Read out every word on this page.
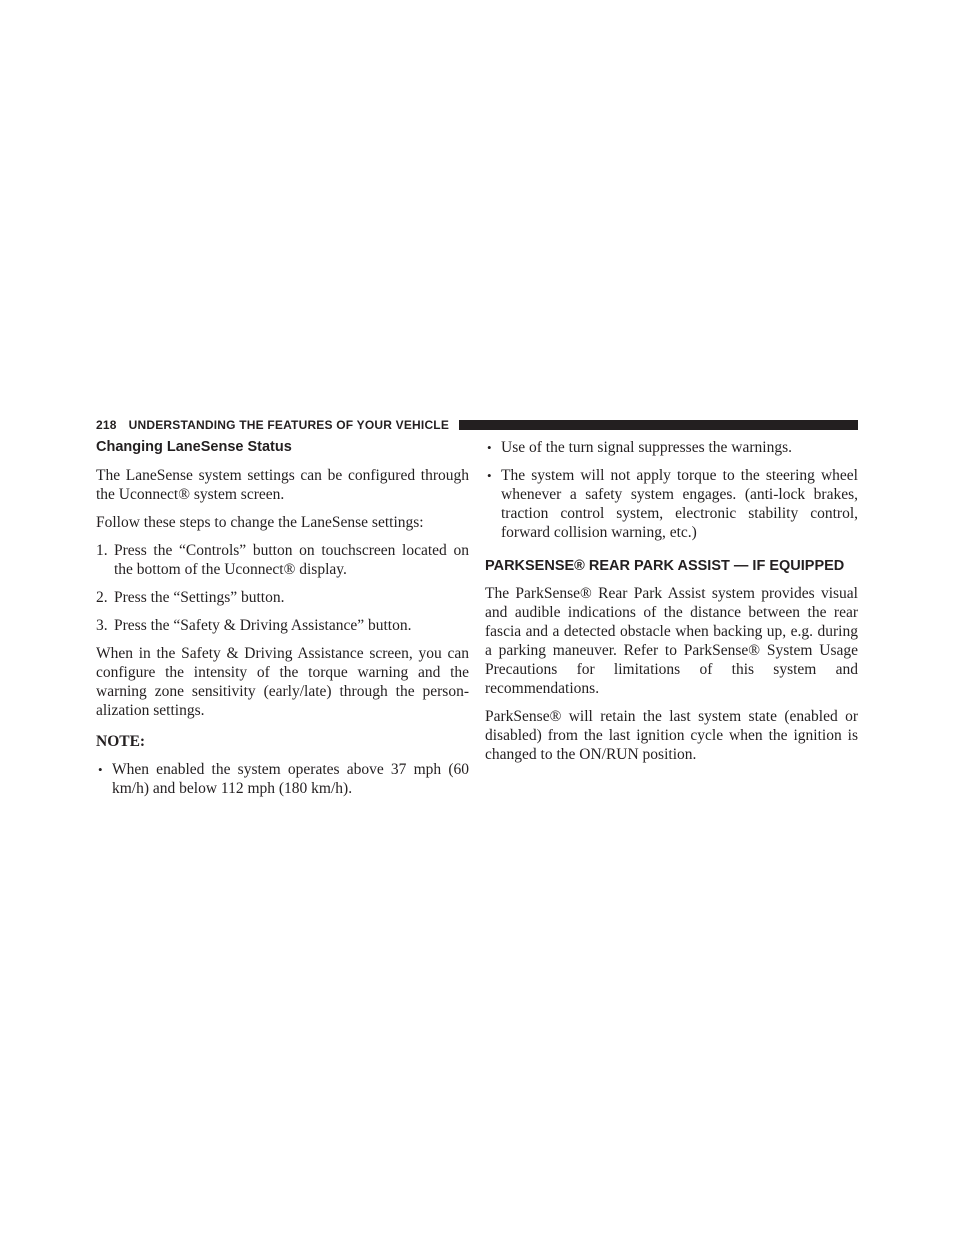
218 UNDERSTANDING THE FEATURES OF YOUR VEHICLE
Changing LaneSense Status

The LaneSense system settings can be configured through the Uconnect® system screen.

Follow these steps to change the LaneSense settings:

1. Press the “Controls” button on touchscreen located on the bottom of the Uconnect® display.
2. Press the “Settings” button.
3. Press the “Safety & Driving Assistance” button.

When in the Safety & Driving Assistance screen, you can configure the intensity of the torque warning and the warning zone sensitivity (early/late) through the person-alization settings.

NOTE:
• When enabled the system operates above 37 mph (60 km/h) and below 112 mph (180 km/h).
• Use of the turn signal suppresses the warnings.
• The system will not apply torque to the steering wheel whenever a safety system engages. (anti-lock brakes, traction control system, electronic stability control, forward collision warning, etc.)
PARKSENSE® REAR PARK ASSIST — IF EQUIPPED

The ParkSense® Rear Park Assist system provides visual and audible indications of the distance between the rear fascia and a detected obstacle when backing up, e.g. during a parking maneuver. Refer to ParkSense® System Usage Precautions for limitations of this system and recommendations.

ParkSense® will retain the last system state (enabled or disabled) from the last ignition cycle when the ignition is changed to the ON/RUN position.
